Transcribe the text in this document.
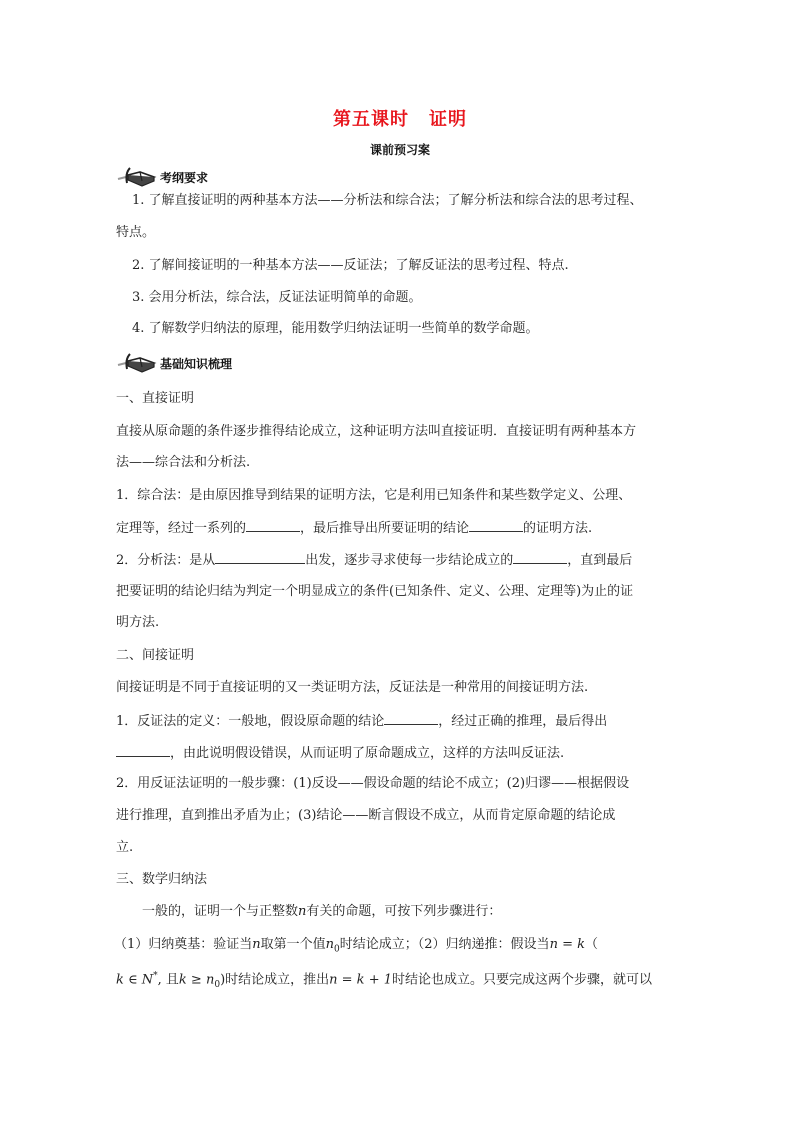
第五课时 证明
课前预习案
考纲要求
1. 了解直接证明的两种基本方法——分析法和综合法；了解分析法和综合法的思考过程、
特点。
2. 了解间接证明的一种基本方法——反证法；了解反证法的思考过程、特点.
3. 会用分析法，综合法，反证法证明简单的命题。
4. 了解数学归纳法的原理，能用数学归纳法证明一些简单的数学命题。
基础知识梳理
一、直接证明
直接从原命题的条件逐步推得结论成立，这种证明方法叫直接证明．直接证明有两种基本方
法——综合法和分析法.
1．综合法：是由原因推导到结果的证明方法，它是利用已知条件和某些数学定义、公理、
定理等，经过一系列的	，最后推导出所要证明的结论	的证明方法.
2．分析法：是从	出发，逐步寻求使每一步结论成立的	，直到最后
把要证明的结论归结为判定一个明显成立的条件(已知条件、定义、公理、定理等)为止的证
明方法.
二、间接证明
间接证明是不同于直接证明的又一类证明方法，反证法是一种常用的间接证明方法.
1．反证法的定义：一般地，假设原命题的结论	，经过正确的推理，最后得出
，由此说明假设错误，从而证明了原命题成立，这样的方法叫反证法.
2．用反证法证明的一般步骤：(1)反设——假设命题的结论不成立；(2)归谬——根据假设
进行推理，直到推出矛盾为止；(3)结论——断言假设不成立，从而肯定原命题的结论成
立.
三、数学归纳法
一般的，证明一个与正整数n有关的命题，可按下列步骤进行：
（1）归纳奠基：验证当n取第一个值$n_0$时结论成立；（2）归纳递推：假设当n = k（
k ∈ N*, 且$k \ge n_0$)时结论成立，推出n = k + 1时结论也成立。只要完成这两个步骤，就可以
